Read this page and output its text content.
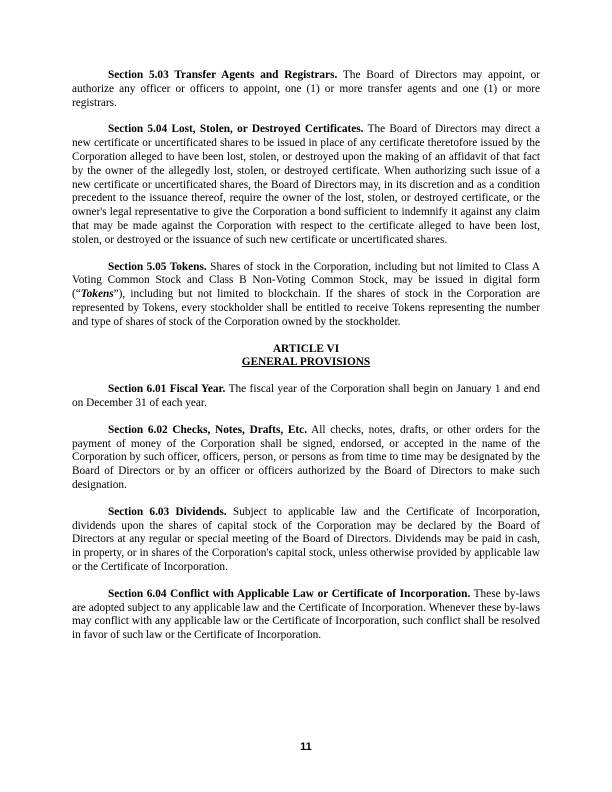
Section 5.03 Transfer Agents and Registrars. The Board of Directors may appoint, or authorize any officer or officers to appoint, one (1) or more transfer agents and one (1) or more registrars.

Section 5.04 Lost, Stolen, or Destroyed Certificates. The Board of Directors may direct a new certificate or uncertificated shares to be issued in place of any certificate theretofore issued by the Corporation alleged to have been lost, stolen, or destroyed upon the making of an affidavit of that fact by the owner of the allegedly lost, stolen, or destroyed certificate. When authorizing such issue of a new certificate or uncertificated shares, the Board of Directors may, in its discretion and as a condition precedent to the issuance thereof, require the owner of the lost, stolen, or destroyed certificate, or the owner's legal representative to give the Corporation a bond sufficient to indemnify it against any claim that may be made against the Corporation with respect to the certificate alleged to have been lost, stolen, or destroyed or the issuance of such new certificate or uncertificated shares.

Section 5.05 Tokens. Shares of stock in the Corporation, including but not limited to Class A Voting Common Stock and Class B Non-Voting Common Stock, may be issued in digital form (“Tokens”), including but not limited to blockchain. If the shares of stock in the Corporation are represented by Tokens, every stockholder shall be entitled to receive Tokens representing the number and type of shares of stock of the Corporation owned by the stockholder.

ARTICLE VI

GENERAL PROVISIONS

Section 6.01 Fiscal Year. The fiscal year of the Corporation shall begin on January 1 and end on December 31 of each year.

Section 6.02 Checks, Notes, Drafts, Etc. All checks, notes, drafts, or other orders for the payment of money of the Corporation shall be signed, endorsed, or accepted in the name of the Corporation by such officer, officers, person, or persons as from time to time may be designated by the Board of Directors or by an officer or officers authorized by the Board of Directors to make such designation.

Section 6.03 Dividends. Subject to applicable law and the Certificate of Incorporation, dividends upon the shares of capital stock of the Corporation may be declared by the Board of Directors at any regular or special meeting of the Board of Directors. Dividends may be paid in cash, in property, or in shares of the Corporation's capital stock, unless otherwise provided by applicable law or the Certificate of Incorporation.

Section 6.04 Conflict with Applicable Law or Certificate of Incorporation. These by-laws are adopted subject to any applicable law and the Certificate of Incorporation. Whenever these by-laws may conflict with any applicable law or the Certificate of Incorporation, such conflict shall be resolved in favor of such law or the Certificate of Incorporation.

11
